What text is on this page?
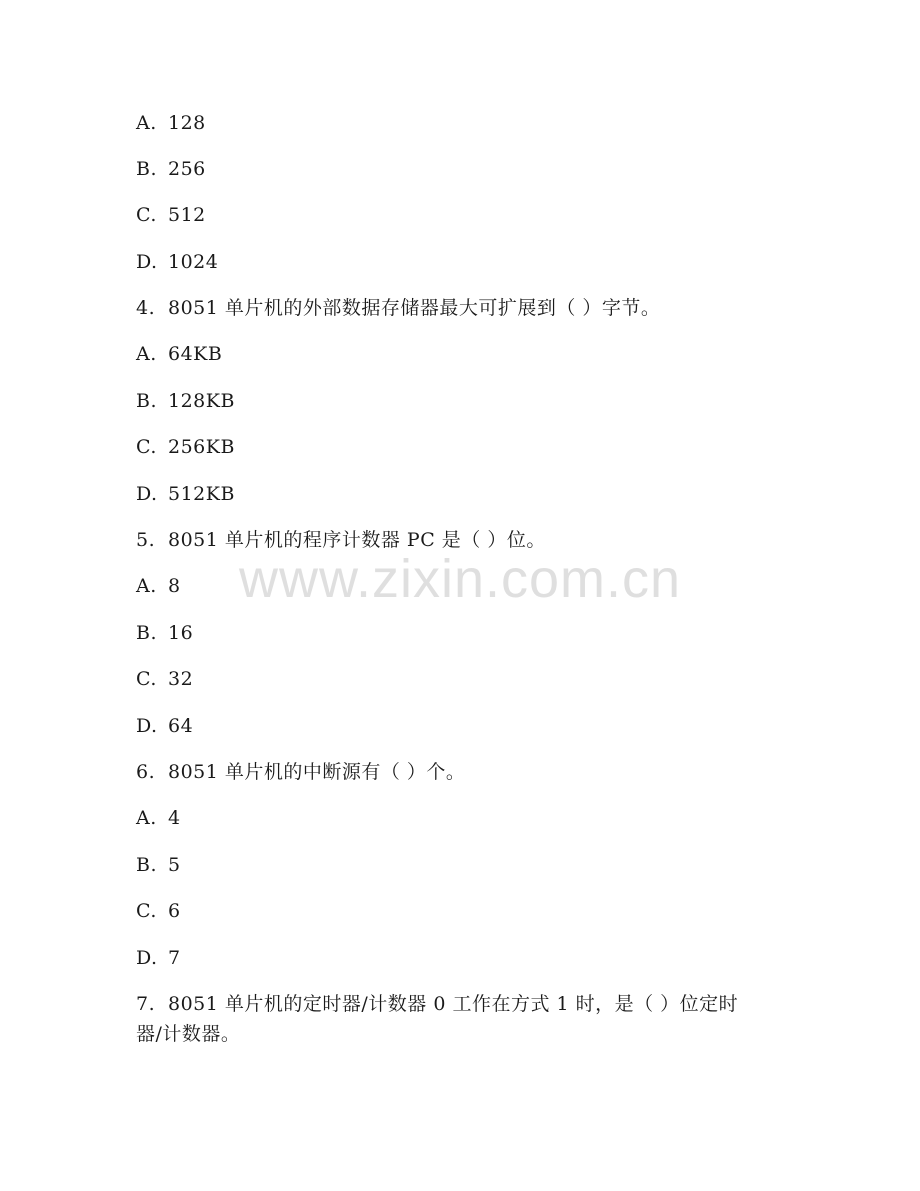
A. 128
B. 256
C. 512
D. 1024
4. 8051 单片机的外部数据存储器最大可扩展到（ ）字节。
A. 64KB
B. 128KB
C. 256KB
D. 512KB
5. 8051 单片机的程序计数器 PC 是（ ）位。
A. 8
B. 16
C. 32
D. 64
6. 8051 单片机的中断源有（ ）个。
A. 4
B. 5
C. 6
D. 7
7. 8051 单片机的定时器/计数器 0 工作在方式 1 时，是（ ）位定时
器/计数器。
www.zixin.com.cn
